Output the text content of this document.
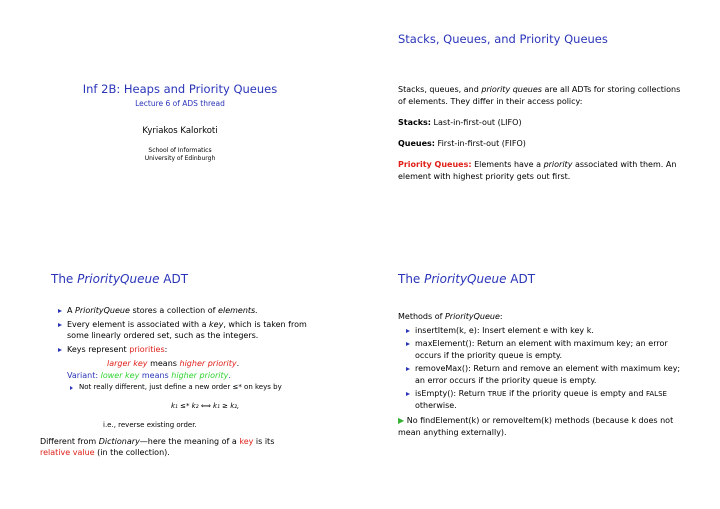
Inf 2B: Heaps and Priority Queues
Lecture 6 of ADS thread
Kyriakos Kalorkoti
School of Informatics
University of Edinburgh
Stacks, Queues, and Priority Queues
Stacks, queues, and priority queues are all ADTs for storing collections of elements. They differ in their access policy:
Stacks: Last-in-first-out (LIFO)
Queues: First-in-first-out (FIFO)
Priority Queues: Elements have a priority associated with them. An element with highest priority gets out first.
The PriorityQueue ADT
A PriorityQueue stores a collection of elements.
Every element is associated with a key, which is taken from some linearly ordered set, such as the integers.
Keys represent priorities:
larger key means higher priority.
Variant: lower key means higher priority.
Not really different, just define a new order ≤* on keys by
k₁ ≤* k₂ ⟺ k₁ ≥ k₂,
i.e., reverse existing order.
Different from Dictionary—here the meaning of a key is its relative value (in the collection).
The PriorityQueue ADT
Methods of PriorityQueue:
insertItem(k, e): Insert element e with key k.
maxElement(): Return an element with maximum key; an error occurs if the priority queue is empty.
removeMax(): Return and remove an element with maximum key; an error occurs if the priority queue is empty.
isEmpty(): Return TRUE if the priority queue is empty and FALSE otherwise.
▶ No findElement(k) or removeItem(k) methods (because k does not mean anything externally).
